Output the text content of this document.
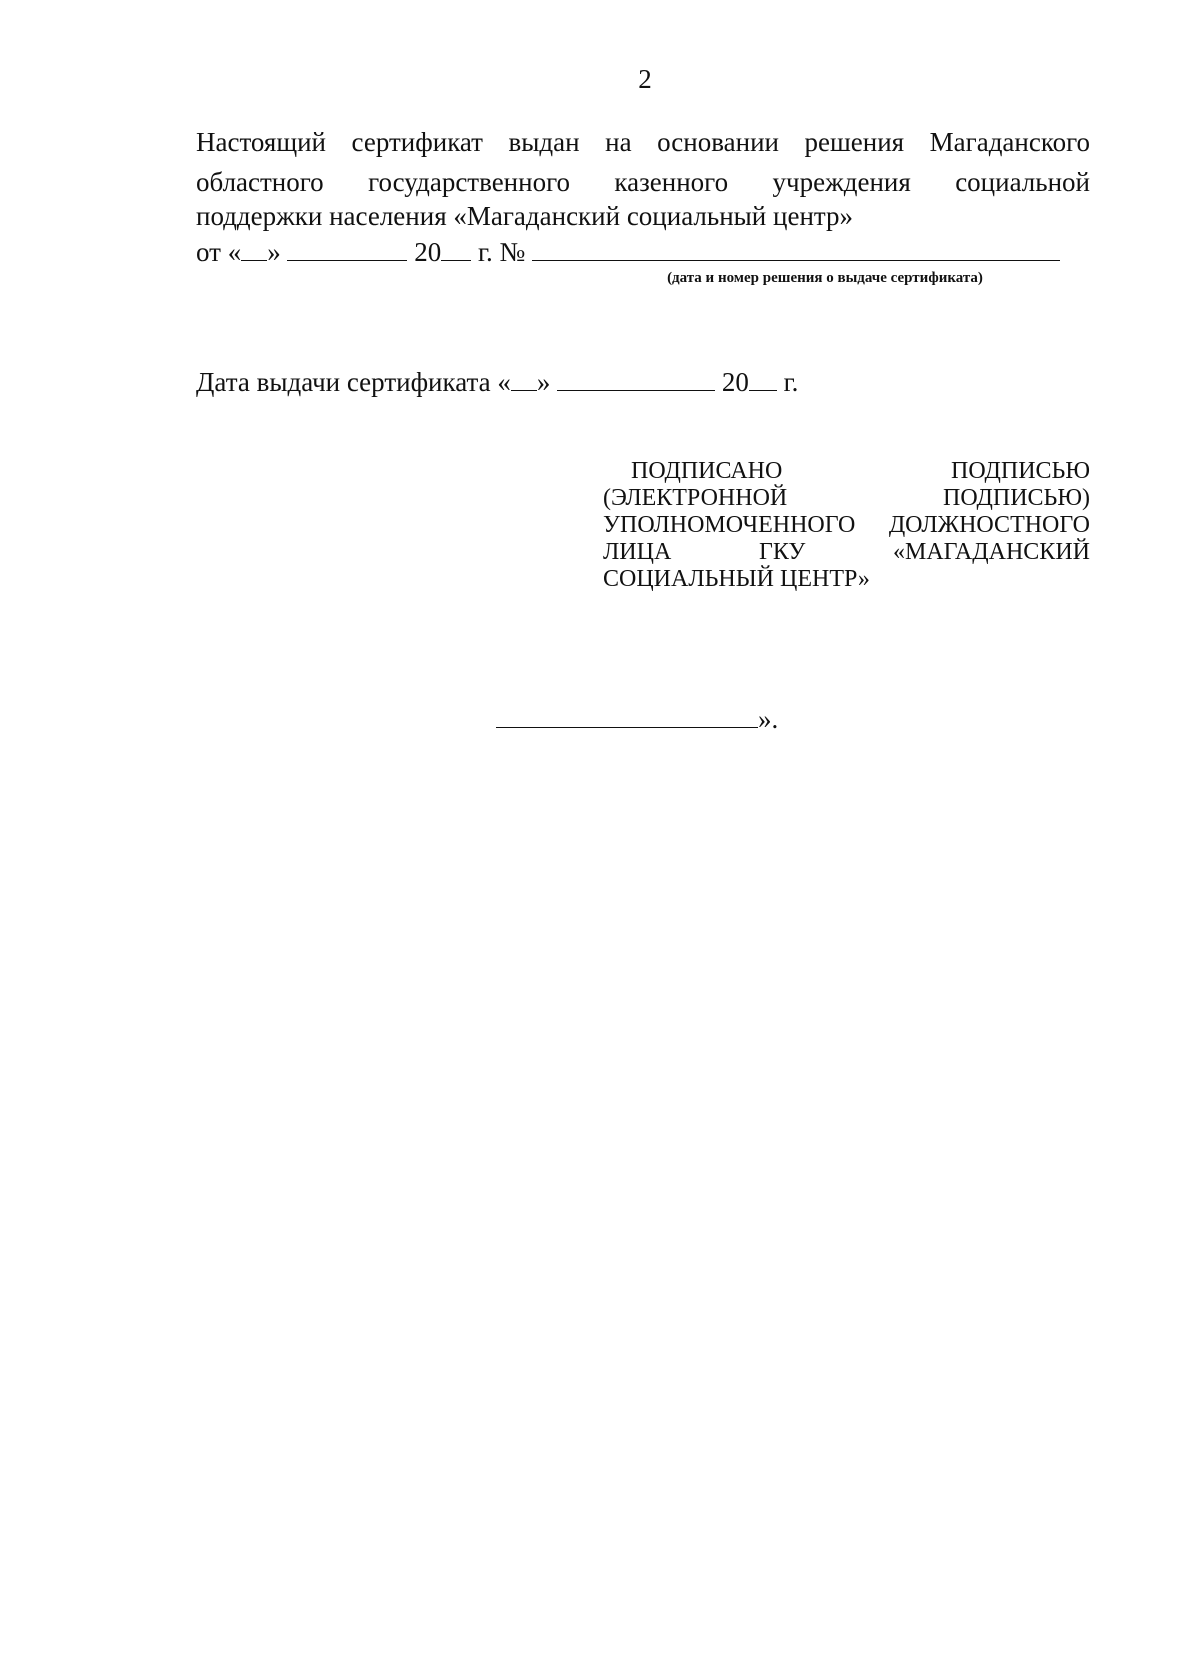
2
Настоящий сертификат выдан на основании решения Магаданского
областного государственного казенного учреждения социальной
поддержки населения «Магаданский социальный центр»
от « »	20 г. №
(дата и номер решения о выдаче сертификата)
Дата выдачи сертификата « »	20 г.
ПОДПИСАНО	ПОДПИСЬЮ
(ЭЛЕКТРОННОЙ	ПОДПИСЬЮ)
УПОЛНОМОЧЕННОГО ДОЛЖНОСТНОГО
ЛИЦА	ГКУ	«МАГАДАНСКИЙ
СОЦИАЛЬНЫЙ ЦЕНТР»
».
